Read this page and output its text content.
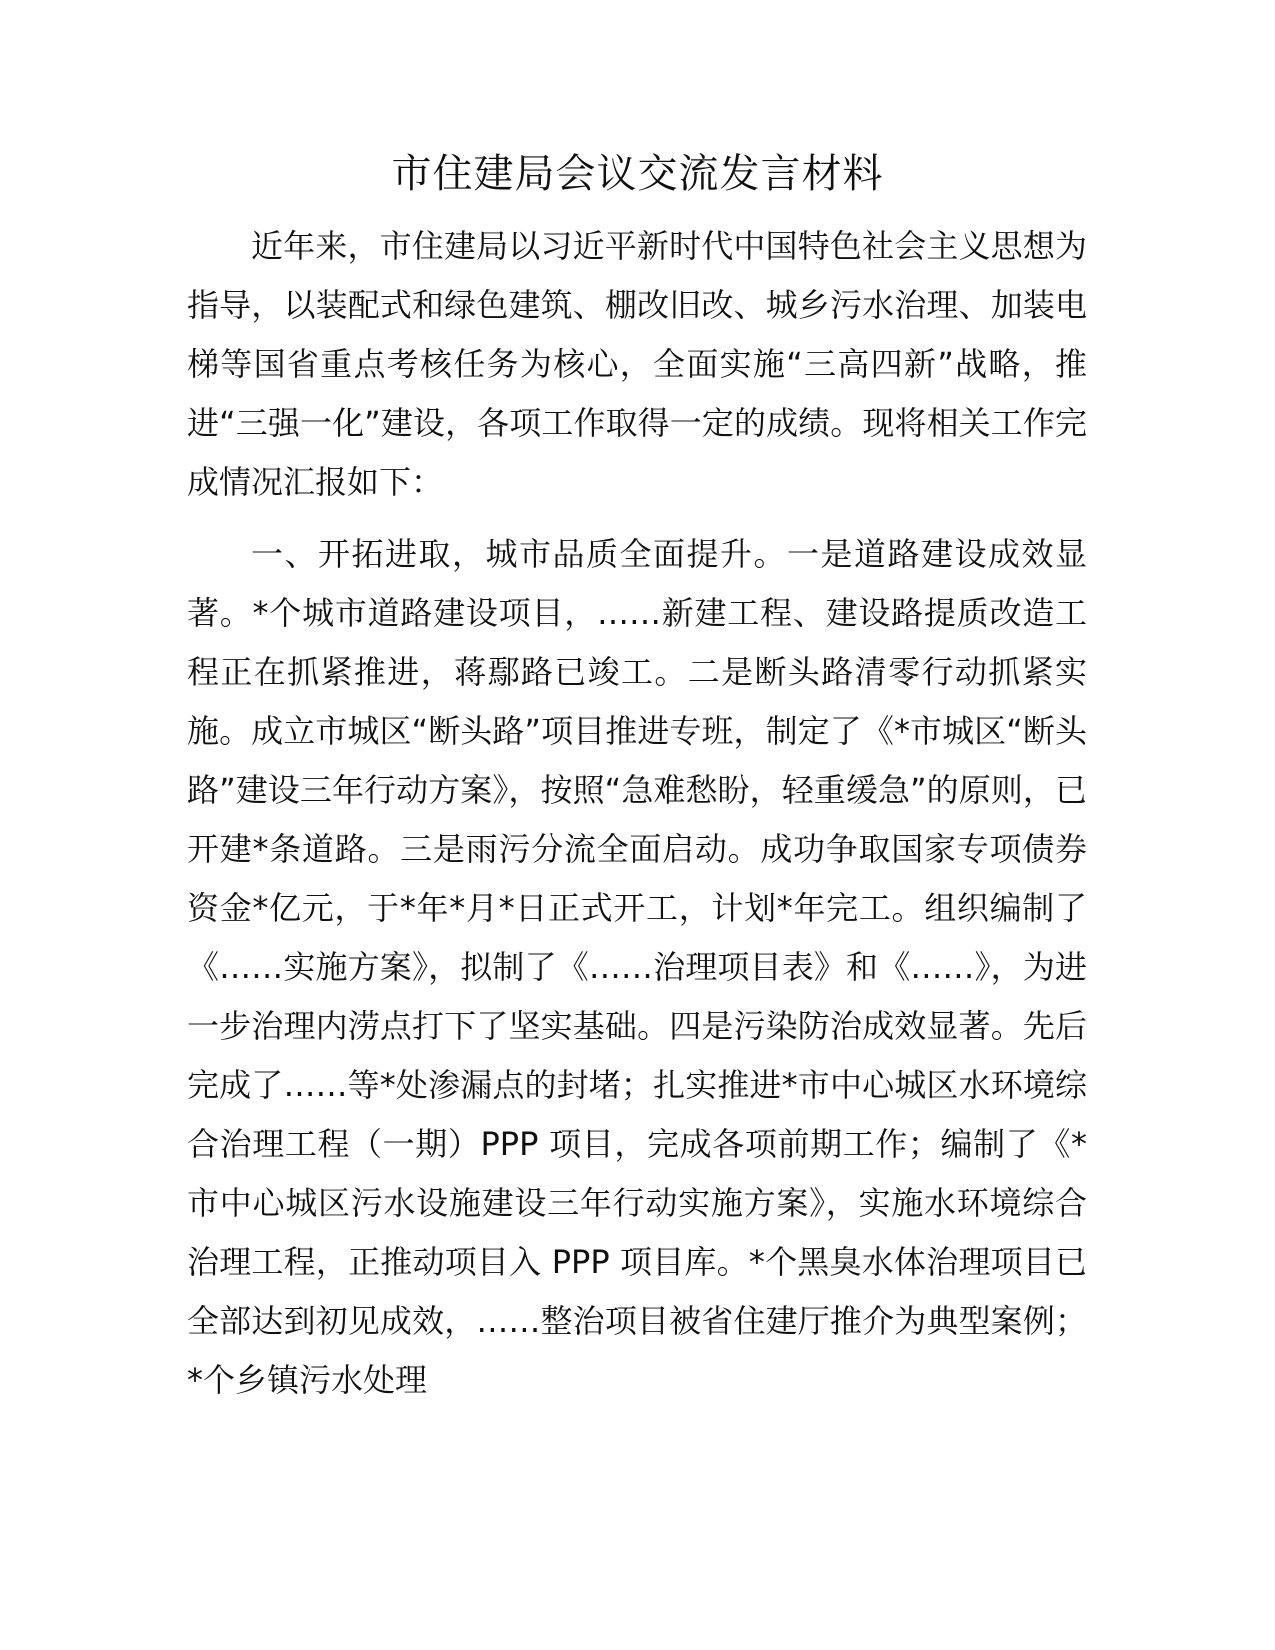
市住建局会议交流发言材料

近年来，市住建局以习近平新时代中国特色社会主义思想为指导，以装配式和绿色建筑、棚改旧改、城乡污水治理、加装电梯等国省重点考核任务为核心，全面实施“三高四新”战略，推进“三强一化”建设，各项工作取得一定的成绩。现将相关工作完成情况汇报如下：

一、开拓进取，城市品质全面提升。一是道路建设成效显著。*个城市道路建设项目，……新建工程、建设路提质改造工程正在抓紧推进，蒋鄢路已竣工。二是断头路清零行动抓紧实施。成立市城区“断头路”项目推进专班，制定了《*市城区“断头路”建设三年行动方案》，按照“急难愁盼，轻重缓急”的原则，已开建*条道路。三是雨污分流全面启动。成功争取国家专项债券资金*亿元，于*年*月*日正式开工，计划*年完工。组织编制了《……实施方案》，拟制了《……治理项目表》和《……》，为进一步治理内涝点打下了坚实基础。四是污染防治成效显著。先后完成了……等*处渗漏点的封堵；扎实推进*市中心城区水环境综合治理工程（一期）PPP 项目，完成各项前期工作；编制了《*市中心城区污水设施建设三年行动实施方案》，实施水环境综合治理工程，正推动项目入 PPP 项目库。*个黑臭水体治理项目已全部达到初见成效，……整治项目被省住建厅推介为典型案例；*个乡镇污水处理
